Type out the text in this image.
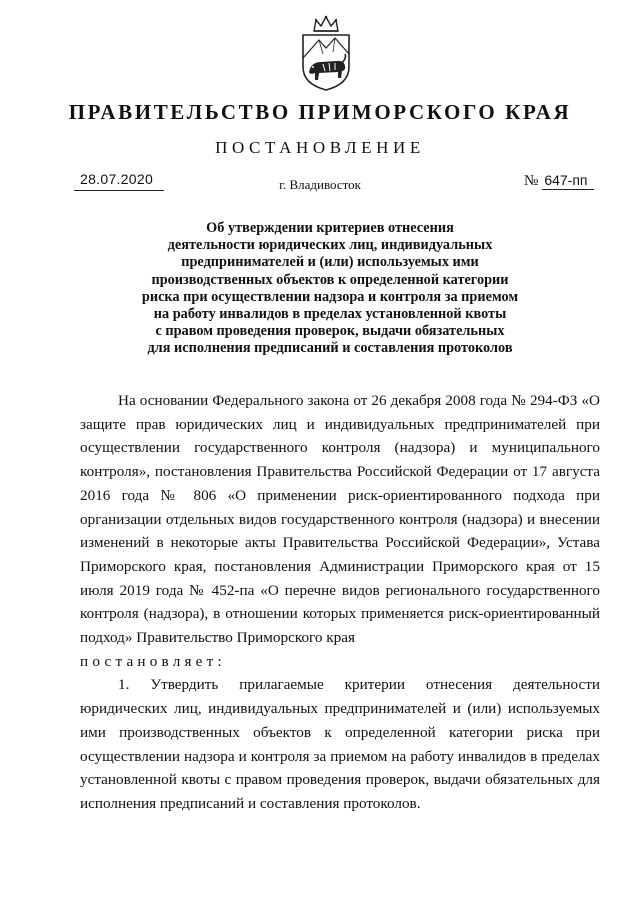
ПРАВИТЕЛЬСТВО ПРИМОРСКОГО КРАЯ
ПОСТАНОВЛЕНИЕ
28.07.2020	г. Владивосток	№ 647-пп
Об утверждении критериев отнесения
деятельности юридических лиц, индивидуальных
предпринимателей и (или) используемых ими
производственных объектов к определенной категории
риска при осуществлении надзора и контроля за приемом
на работу инвалидов в пределах установленной квоты
с правом проведения проверок, выдачи обязательных
для исполнения предписаний и составления протоколов

На основании Федерального закона от 26 декабря 2008 года № 294-ФЗ «О защите прав юридических лиц и индивидуальных предпринимателей при осуществлении государственного контроля (надзора) и муниципального контроля», постановления Правительства Российской Федерации от 17 августа 2016 года № 806 «О применении риск-ориентированного подхода при организации отдельных видов государственного контроля (надзора) и внесении изменений в некоторые акты Правительства Российской Федерации», Устава Приморского края, постановления Администрации Приморского края от 15 июля 2019 года № 452-па «О перечне видов регионального государственного контроля (надзора), в отношении которых применяется риск-ориентированный подход» Правительство Приморского края

постановляет:

1. Утвердить прилагаемые критерии отнесения деятельности юридических лиц, индивидуальных предпринимателей и (или) используемых ими производственных объектов к определенной категории риска при осуществлении надзора и контроля за приемом на работу инвалидов в пределах установленной квоты с правом проведения проверок, выдачи обязательных для исполнения предписаний и составления протоколов.
